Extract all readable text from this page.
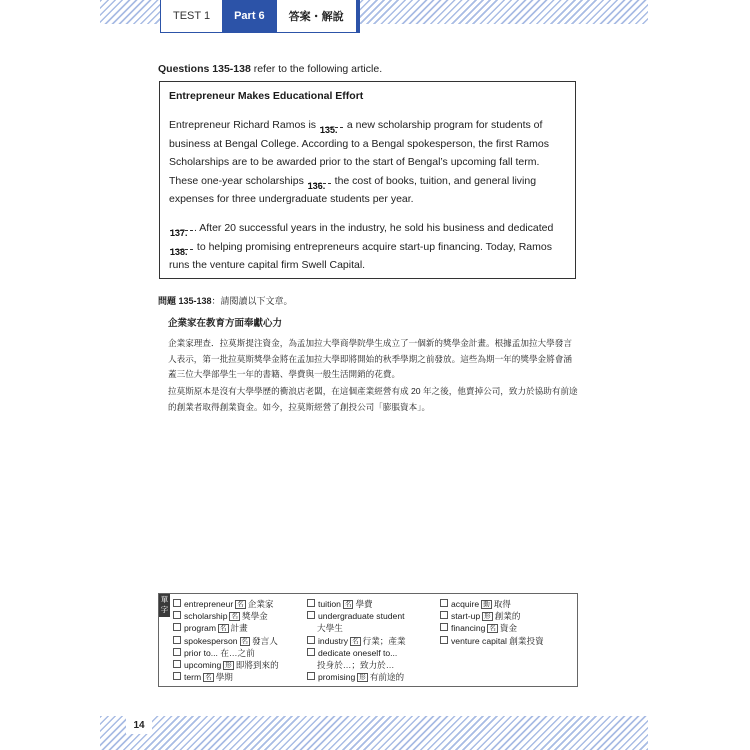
TEST 1	Part 6	答案・解說
Questions 135-138 refer to the following article.
Entrepreneur Makes Educational Effort
Entrepreneur Richard Ramos is 135. a new scholarship program for students of business at Bengal College. According to a Bengal spokesperson, the first Ramos Scholarships are to be awarded prior to the start of Bengal’s upcoming fall term. These one-year scholarships 136. the cost of books, tuition, and general living expenses for three undergraduate students per year.
137. . After 20 successful years in the industry, he sold his business and dedicated
138. to helping promising entrepreneurs acquire start-up financing. Today, Ramos runs the venture capital firm Swell Capital.
問題 135-138：請閱讀以下文章。
企業家在教育方面奉獻心力
企業家理查．拉莫斯提注資金，為孟加拉大學商學院學生成立了一個新的獎學金計畫。根據孟加拉大學發言人表示，第一批拉莫斯獎學金將在孟加拉大學即將開始的秋季學期之前發放。這些為期一年的獎學金將會涵蓋三位大學部學生一年的書籍、學費與一般生活開銷的花費。
拉莫斯原本是沒有大學學歷的衝浪店老闆，在這個產業經營有成 20 年之後，他賣掉公司，致力於協助有前途的創業者取得創業資金。如今，拉莫斯經營了創投公司「膨脹資本」。
單字
entrepreneur 名 企業家
scholarship 名 獎學金
program 名 計畫
spokesperson 名 發言人
prior to... 在…之前
upcoming 形 即將到來的
term 名 學期
tuition 名 學費
undergraduate student
大學生
industry 名 行業；產業
dedicate oneself to...
投身於…；致力於…
promising 形 有前途的
acquire 動 取得
start-up 形 創業的
financing 名 資金
venture capital 創業投資
14
